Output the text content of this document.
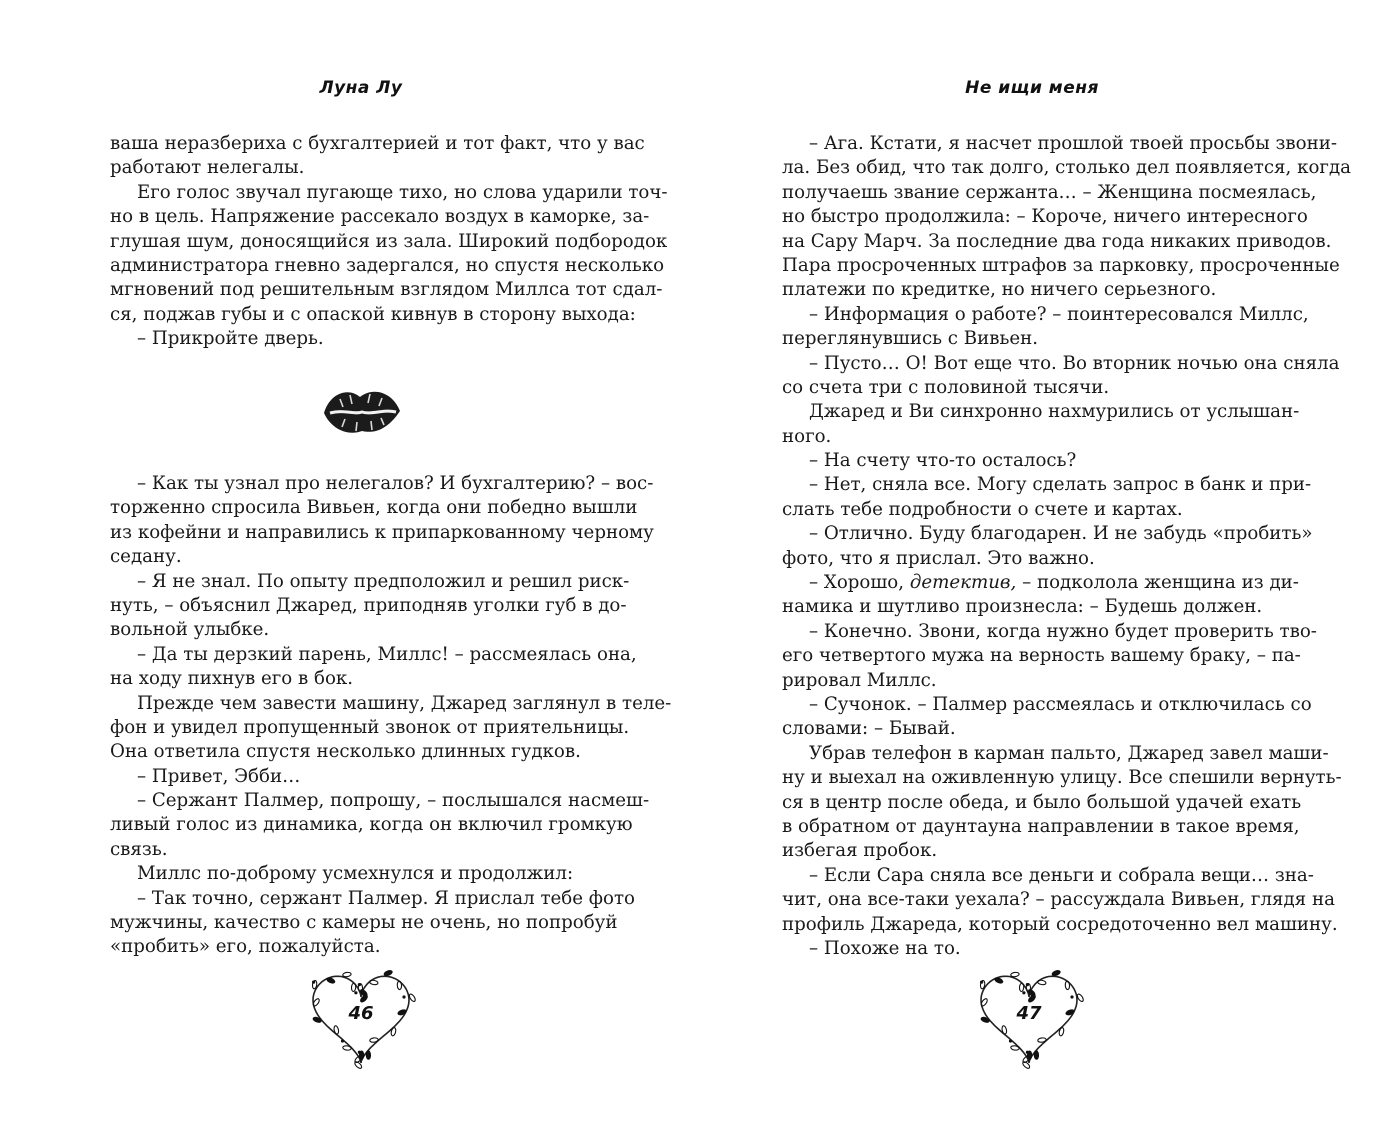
Луна Лу
ваша неразбериха с бухгалтерией и тот факт, что у вас
работают нелегалы.
Его голос звучал пугающе тихо, но слова ударили точ-
но в цель. Напряжение рассекало воздух в каморке, за-
глушая шум, доносящийся из зала. Широкий подбородок
администратора гневно задергался, но спустя несколько
мгновений под решительным взглядом Миллса тот сдал-
ся, поджав губы и с опаской кивнув в сторону выхода:
– Прикройте дверь.
– Как ты узнал про нелегалов? И бухгалтерию? – вос-
торженно спросила Вивьен, когда они победно вышли
из кофейни и направились к припаркованному черному
седану.
– Я не знал. По опыту предположил и решил риск-
нуть, – объяснил Джаред, приподняв уголки губ в до-
вольной улыбке.
– Да ты дерзкий парень, Миллс! – рассмеялась она,
на ходу пихнув его в бок.
Прежде чем завести машину, Джаред заглянул в теле-
фон и увидел пропущенный звонок от приятельницы.
Она ответила спустя несколько длинных гудков.
– Привет, Эбби…
– Сержант Палмер, попрошу, – послышался насмеш-
ливый голос из динамика, когда он включил громкую
связь.
Миллс по-доброму усмехнулся и продолжил:
– Так точно, сержант Палмер. Я прислал тебе фото
мужчины, качество с камеры не очень, но попробуй
«пробить» его, пожалуйста.
46
Не ищи меня
– Ага. Кстати, я насчет прошлой твоей просьбы звони-
ла. Без обид, что так долго, столько дел появляется, когда
получаешь звание сержанта… – Женщина посмеялась,
но быстро продолжила: – Короче, ничего интересного
на Сару Марч. За последние два года никаких приводов.
Пара просроченных штрафов за парковку, просроченные
платежи по кредитке, но ничего серьезного.
– Информация о работе? – поинтересовался Миллс,
переглянувшись с Вивьен.
– Пусто… О! Вот еще что. Во вторник ночью она сняла
со счета три с половиной тысячи.
Джаред и Ви синхронно нахмурились от услышан-
ного.
– На счету что-то осталось?
– Нет, сняла все. Могу сделать запрос в банк и при-
слать тебе подробности о счете и картах.
– Отлично. Буду благодарен. И не забудь «пробить»
фото, что я прислал. Это важно.
– Хорошо, детектив, – подколола женщина из ди-
намика и шутливо произнесла: – Будешь должен.
– Конечно. Звони, когда нужно будет проверить тво-
его четвертого мужа на верность вашему браку, – па-
рировал Миллс.
– Сучонок. – Палмер рассмеялась и отключилась со
словами: – Бывай.
Убрав телефон в карман пальто, Джаред завел маши-
ну и выехал на оживленную улицу. Все спешили вернуть-
ся в центр после обеда, и было большой удачей ехать
в обратном от даунтауна направлении в такое время,
избегая пробок.
– Если Сара сняла все деньги и собрала вещи… зна-
чит, она все-таки уехала? – рассуждала Вивьен, глядя на
профиль Джареда, который сосредоточенно вел машину.
– Похоже на то.
47
